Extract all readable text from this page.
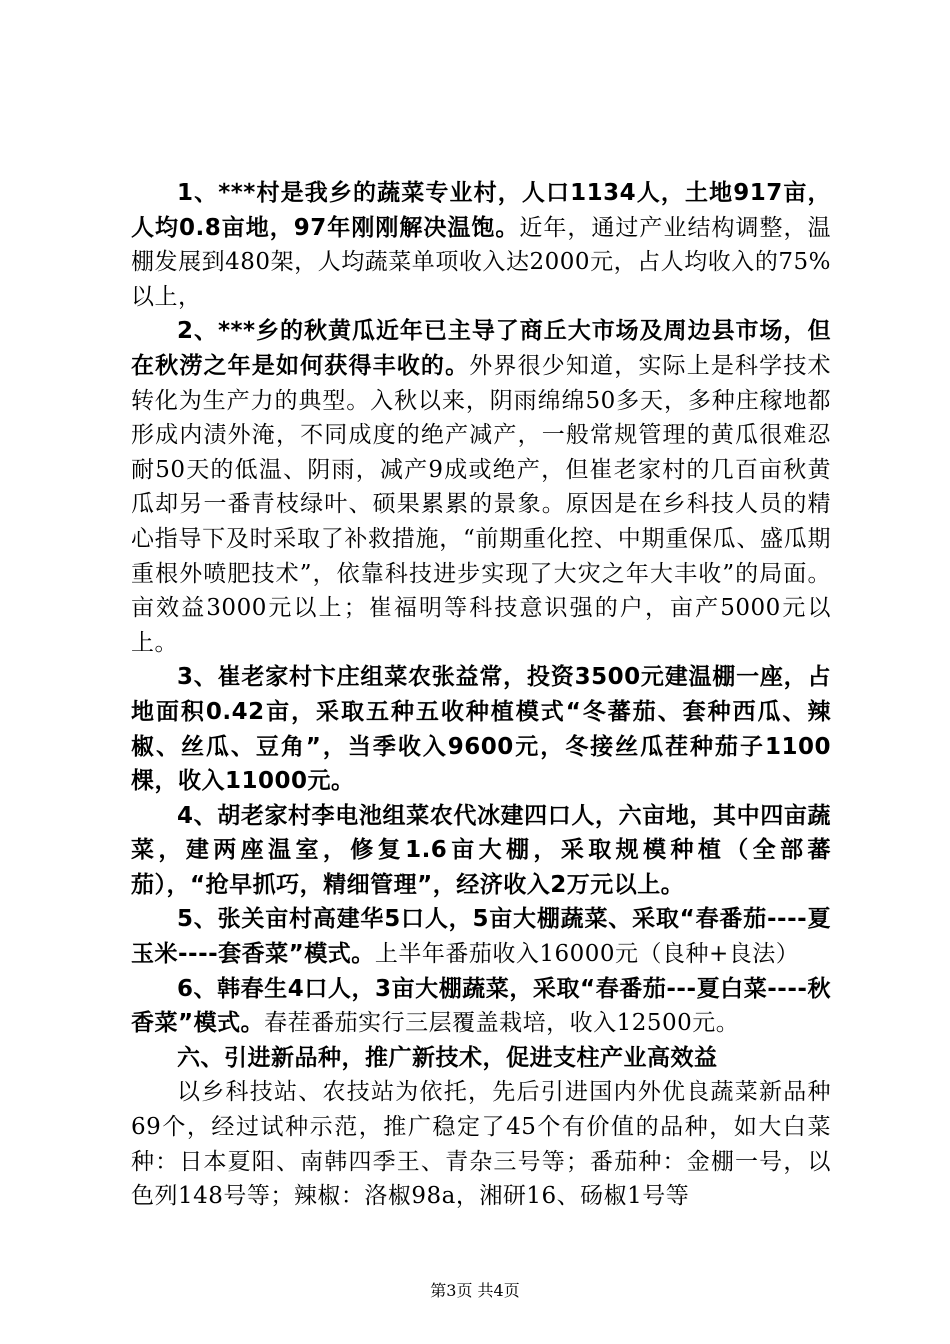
1、***村是我乡的蔬菜专业村，人口1134人，土地917亩，人均0.8亩地，97年刚刚解决温饱。近年，通过产业结构调整，温棚发展到480架，人均蔬菜单项收入达2000元，占人均收入的75%以上，

2、***乡的秋黄瓜近年已主导了商丘大市场及周边县市场，但在秋涝之年是如何获得丰收的。外界很少知道，实际上是科学技术转化为生产力的典型。入秋以来，阴雨绵绵50多天，多种庄稼地都形成内渍外淹，不同成度的绝产减产，一般常规管理的黄瓜很难忍耐50天的低温、阴雨，减产9成或绝产，但崔老家村的几百亩秋黄瓜却另一番青枝绿叶、硕果累累的景象。原因是在乡科技人员的精心指导下及时采取了补救措施，“前期重化控、中期重保瓜、盛瓜期重根外喷肥技术”，依靠科技进步实现了大灾之年大丰收”的局面。亩效益3000元以上；崔福明等科技意识强的户，亩产5000元以上。

3、崔老家村卞庄组菜农张益常，投资3500元建温棚一座，占地面积0.42亩，采取五种五收种植模式“冬蕃茄、套种西瓜、辣椒、丝瓜、豆角”，当季收入9600元，冬接丝瓜茬种茄子1100棵，收入11000元。

4、胡老家村李电池组菜农代冰建四口人，六亩地，其中四亩蔬菜，建两座温室，修复1.6亩大棚，采取规模种植（全部蕃茄），“抢早抓巧，精细管理”，经济收入2万元以上。

5、张关亩村高建华5口人，5亩大棚蔬菜、采取“春番茄----夏玉米----套香菜”模式。上半年番茄收入16000元（良种+良法）

6、韩春生4口人，3亩大棚蔬菜，采取“春番茄---夏白菜----秋香菜”模式。春茬番茄实行三层覆盖栽培，收入12500元。

六、引进新品种，推广新技术，促进支柱产业高效益

以乡科技站、农技站为依托，先后引进国内外优良蔬菜新品种69个，经过试种示范，推广稳定了45个有价值的品种，如大白菜种：日本夏阳、南韩四季王、青杂三号等；番茄种：金棚一号，以色列148号等；辣椒：洛椒98a，湘研16、砀椒1号等

第3页 共4页
